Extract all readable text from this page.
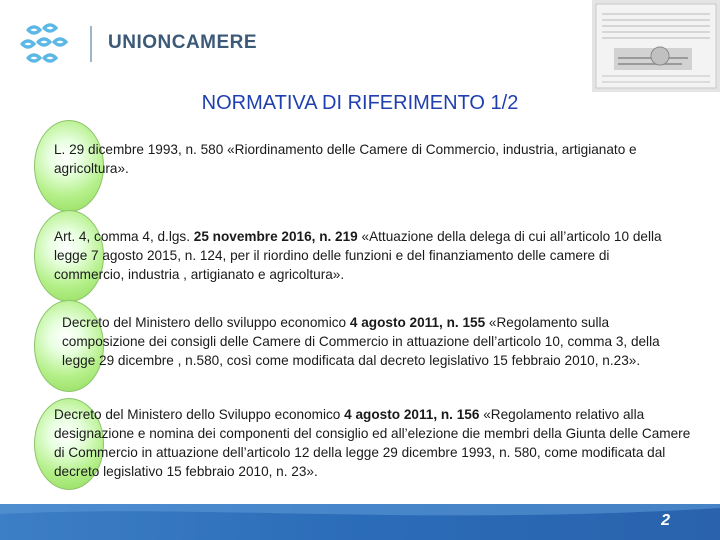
UNIONCAMERE
NORMATIVA DI RIFERIMENTO 1/2
L. 29 dicembre 1993, n. 580 «Riordinamento delle Camere di Commercio, industria, artigianato e agricoltura».
Art. 4, comma 4, d.lgs. 25 novembre 2016, n. 219 «Attuazione della delega di cui all’articolo 10 della legge 7 agosto 2015, n. 124, per il riordino delle funzioni e del finanziamento delle camere di commercio, industria , artigianato e agricoltura».
Decreto del Ministero dello sviluppo economico 4 agosto 2011, n. 155 «Regolamento sulla composizione dei consigli delle Camere di Commercio in attuazione dell’articolo 10, comma 3, della legge 29 dicembre , n.580, così come modificata dal decreto legislativo 15 febbraio 2010, n.23».
Decreto del Ministero dello Sviluppo economico 4 agosto 2011, n. 156 «Regolamento relativo alla designazione e nomina dei componenti del consiglio ed all’elezione die membri della Giunta delle Camere di Commercio in attuazione dell’articolo 12 della legge 29 dicembre 1993, n. 580, come modificata dal decreto legislativo 15 febbraio 2010, n. 23».
2
